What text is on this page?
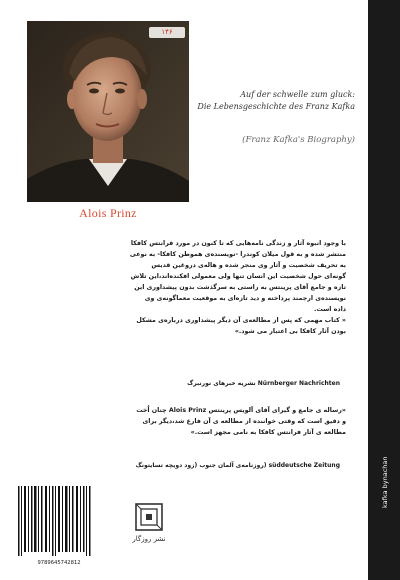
۱۴۶
Alois Prinz
Auf der schwelle zum gluck:
Die Lebensgeschichte des Franz Kafka
(Franz Kafka's Biography)
با وجود انبوه آثار و زندگی نامه‌هایی که تا کنون در مورد فرانتس کافکا
منتشر شده و به قول میلان کوندرا -نویسنده‌ی هموطن کافکا- به نوعی
به تحریف شخصیت و آثار وی منجر شده و هاله‌ی دروغین قدیس
گونه‌ای حول شخصیت این انسان تنها ولی معمولی افکنده‌اند،این تلاش
تازه و جامع آقای پرینتس به راستی به سرگذشت بدون پیشداوری این
نویسنده‌ی ارجمند پرداخته و دید تازه‌ای به موقعیت معماگونه‌ی وی
داده است.
« کتاب مهمی که پس از مطالعه‌ی آن دیگر پیشداوری درباره‌ی مشکل
بودن آثار کافکا بی اعتبار می شود.»
Nürnberger Nachrichten نشریه خبرهای نورنبرگ
«رساله ی جامع و گیرای آقای آلویس پرینتس Alois Prinz چنان اُخت
و دقیق است که وقتی خواننده از مطالعه ی آن فارغ شد،دیگر برای
مطالعه ی آثار فرانتس کافکا به نامی مجهز است.»
süddeutsche Zeitung (روزنامه‌ی آلمان جنوب (زود دویچه تسایتونگ
9789645742812
نشر روزگار
kafka bynachan
